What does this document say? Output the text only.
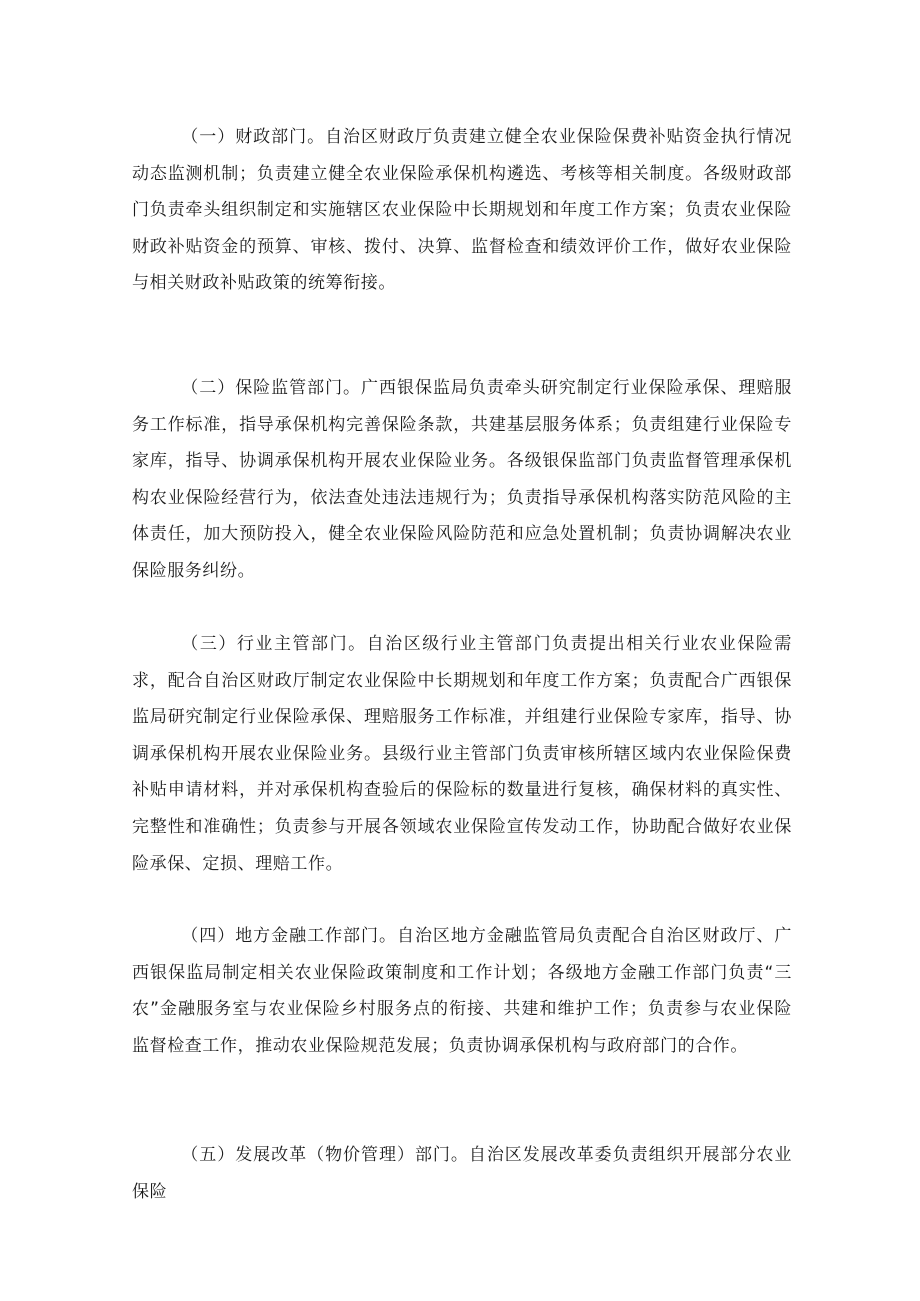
（一）财政部门。自治区财政厅负责建立健全农业保险保费补贴资金执行情况动态监测机制；负责建立健全农业保险承保机构遴选、考核等相关制度。各级财政部门负责牵头组织制定和实施辖区农业保险中长期规划和年度工作方案；负责农业保险财政补贴资金的预算、审核、拨付、决算、监督检查和绩效评价工作，做好农业保险与相关财政补贴政策的统筹衔接。

（二）保险监管部门。广西银保监局负责牵头研究制定行业保险承保、理赔服务工作标准，指导承保机构完善保险条款，共建基层服务体系；负责组建行业保险专家库，指导、协调承保机构开展农业保险业务。各级银保监部门负责监督管理承保机构农业保险经营行为，依法查处违法违规行为；负责指导承保机构落实防范风险的主体责任，加大预防投入，健全农业保险风险防范和应急处置机制；负责协调解决农业保险服务纠纷。

（三）行业主管部门。自治区级行业主管部门负责提出相关行业农业保险需求，配合自治区财政厅制定农业保险中长期规划和年度工作方案；负责配合广西银保监局研究制定行业保险承保、理赔服务工作标准，并组建行业保险专家库，指导、协调承保机构开展农业保险业务。县级行业主管部门负责审核所辖区域内农业保险保费补贴申请材料，并对承保机构查验后的保险标的数量进行复核，确保材料的真实性、完整性和准确性；负责参与开展各领域农业保险宣传发动工作，协助配合做好农业保险承保、定损、理赔工作。

（四）地方金融工作部门。自治区地方金融监管局负责配合自治区财政厅、广西银保监局制定相关农业保险政策制度和工作计划；各级地方金融工作部门负责“三农”金融服务室与农业保险乡村服务点的衔接、共建和维护工作；负责参与农业保险监督检查工作，推动农业保险规范发展；负责协调承保机构与政府部门的合作。

（五）发展改革（物价管理）部门。自治区发展改革委负责组织开展部分农业保险
